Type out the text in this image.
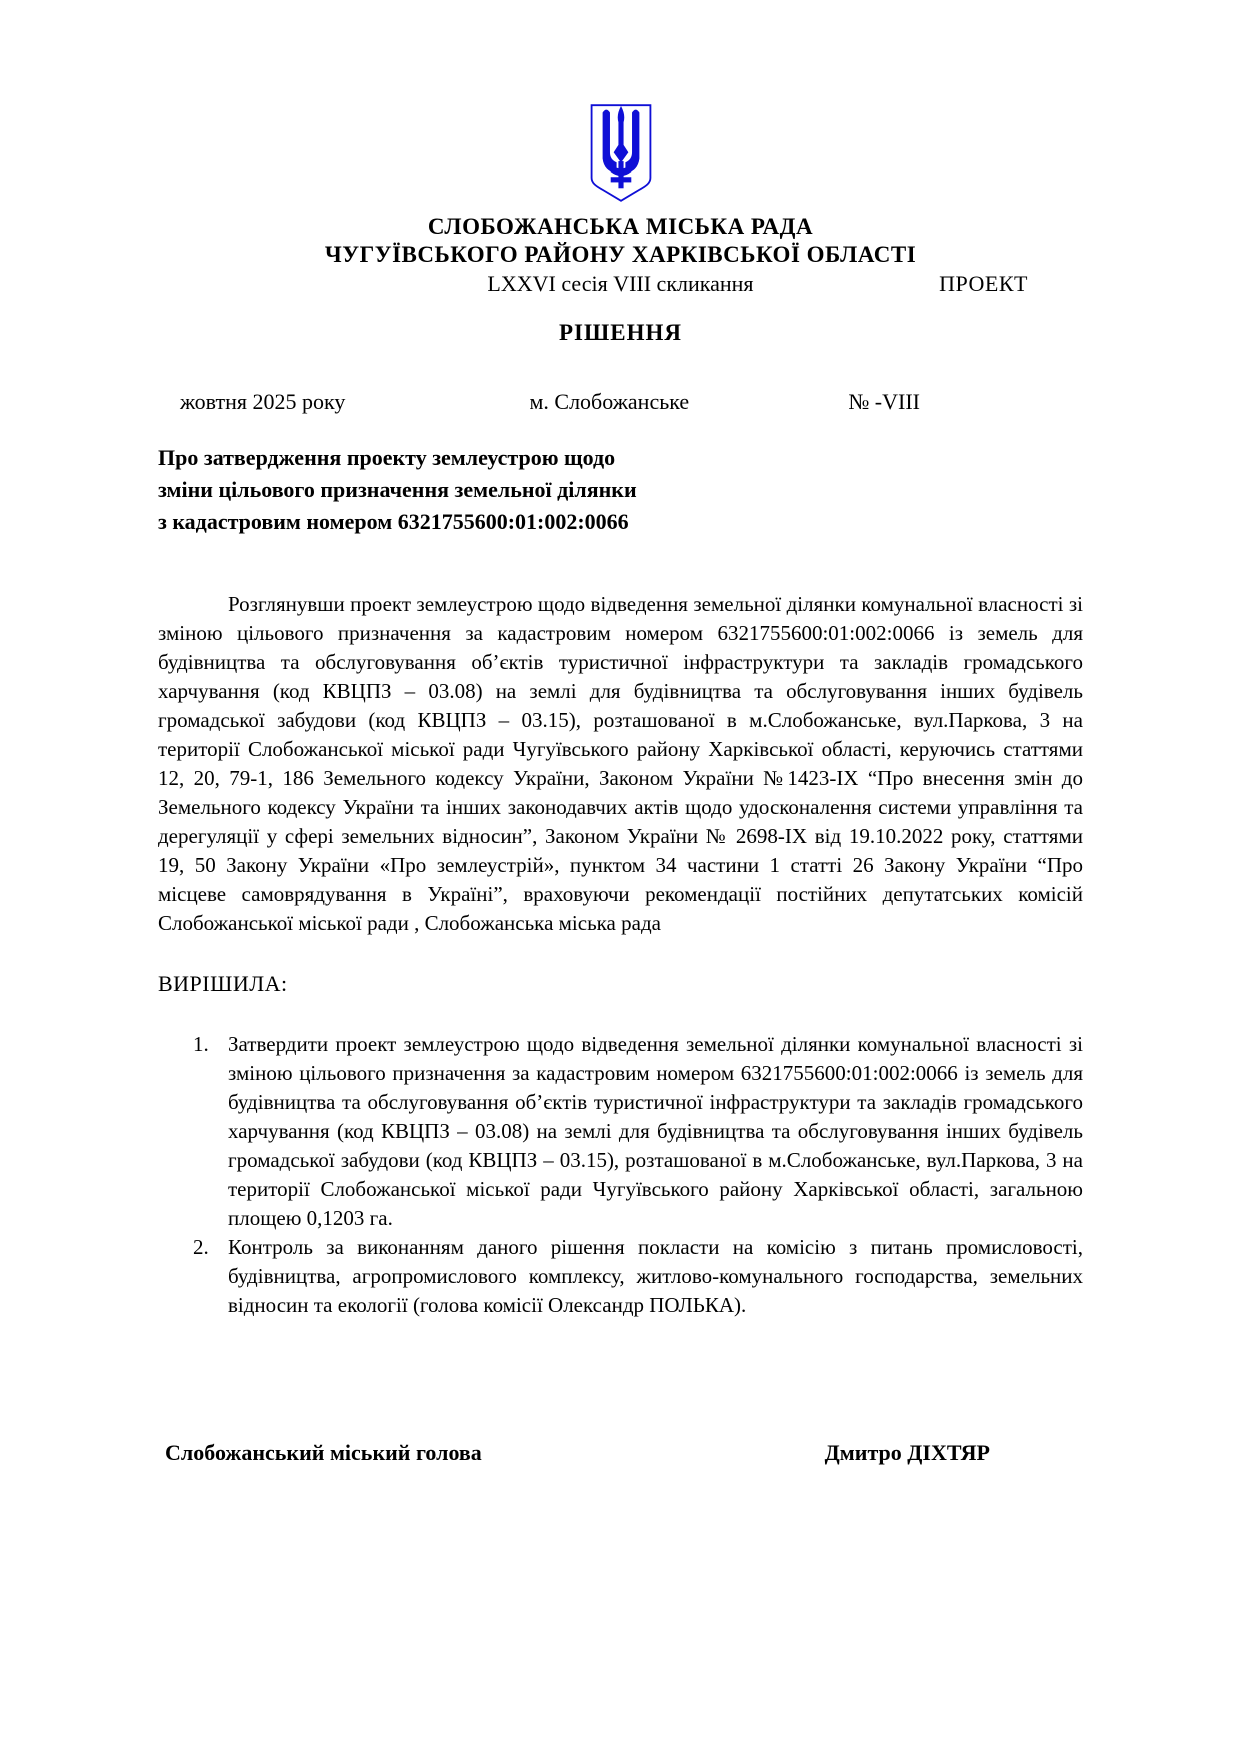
СЛОБОЖАНСЬКА МІСЬКА РАДА
ЧУГУЇВСЬКОГО РАЙОНУ ХАРКІВСЬКОЇ ОБЛАСТІ
LXXVI сесія VIII скликання	ПРОЕКТ
РІШЕННЯ
жовтня 2025 року	м. Слобожанське	№ -VIII
Про затвердження проекту землеустрою щодо
зміни цільового призначення земельної ділянки
з кадастровим номером 6321755600:01:002:0066
Розглянувши проект землеустрою щодо відведення земельної ділянки комунальної власності зі зміною цільового призначення за кадастровим номером 6321755600:01:002:0066 із земель для будівництва та обслуговування об’єктів туристичної інфраструктури та закладів громадського харчування (код КВЦПЗ – 03.08) на землі для будівництва та обслуговування інших будівель громадської забудови (код КВЦПЗ – 03.15), розташованої в м.Слобожанське, вул.Паркова, 3 на території Слобожанської міської ради Чугуївського району Харківської області, керуючись статтями 12, 20, 79-1, 186 Земельного кодексу України, Законом України №1423-ІХ “Про внесення змін до Земельного кодексу України та інших законодавчих актів щодо удосконалення системи управління та дерегуляції у сфері земельних відносин”, Законом України № 2698-ІХ від 19.10.2022 року, статтями 19, 50 Закону України «Про землеустрій», пунктом 34 частини 1 статті 26 Закону України “Про місцеве самоврядування в Україні”, враховуючи рекомендації постійних депутатських комісій Слобожанської міської ради , Слобожанська міська рада
ВИРІШИЛА:
1. Затвердити проект землеустрою щодо відведення земельної ділянки комунальної власності зі зміною цільового призначення за кадастровим номером 6321755600:01:002:0066 із земель для будівництва та обслуговування об’єктів туристичної інфраструктури та закладів громадського харчування (код КВЦПЗ – 03.08) на землі для будівництва та обслуговування інших будівель громадської забудови (код КВЦПЗ – 03.15), розташованої в м.Слобожанське, вул.Паркова, 3 на території Слобожанської міської ради Чугуївського району Харківської області, загальною площею 0,1203 га.
2. Контроль за виконанням даного рішення покласти на комісію з питань промисловості, будівництва, агропромислового комплексу, житлово-комунального господарства, земельних відносин та екології (голова комісії Олександр ПОЛЬКА).
Слобожанський міський голова	Дмитро ДІХТЯР
